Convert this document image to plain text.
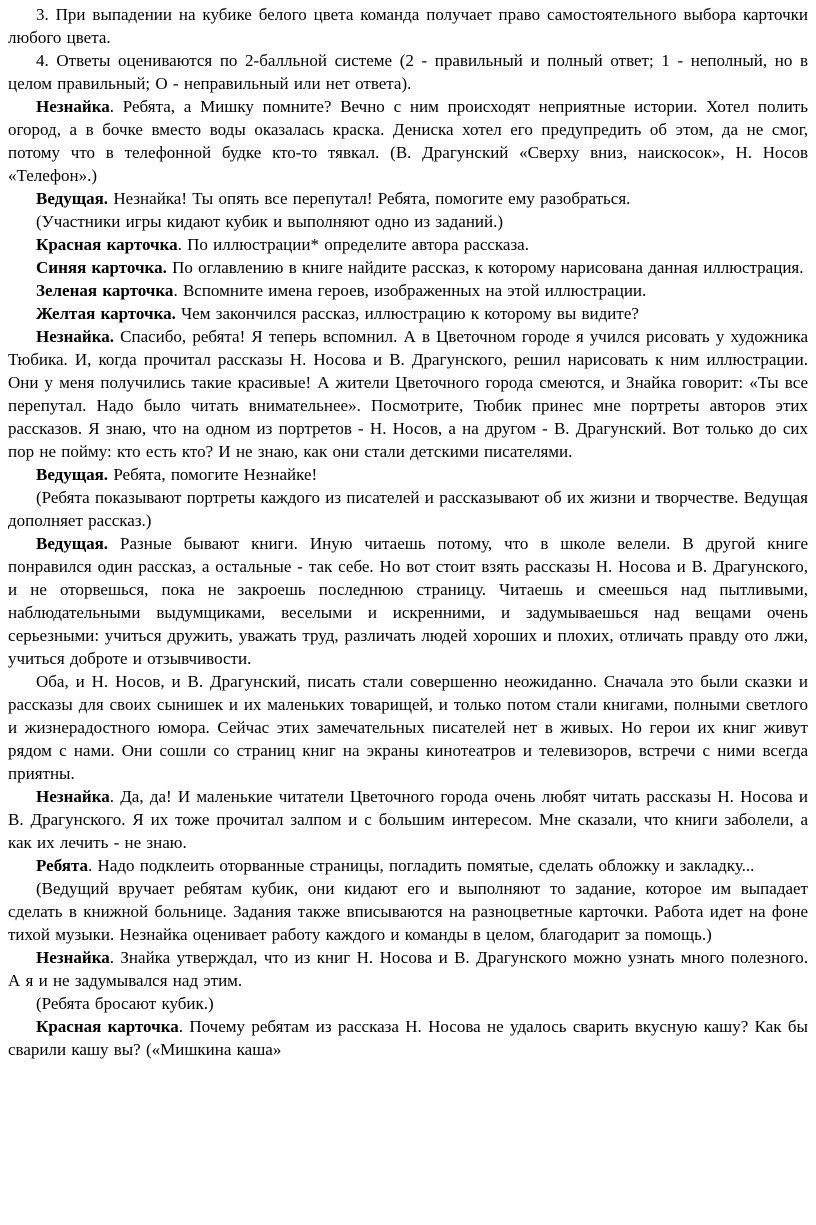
3. При выпадении на кубике белого цвета команда получает право самостоятельного выбора карточки любого цвета.

4. Ответы оцениваются по 2-балльной системе (2 - правильный и полный ответ; 1 - неполный, но в целом правильный; О - неправильный или нет ответа).

Незнайка. Ребята, а Мишку помните? Вечно с ним происходят неприятные истории. Хотел полить огород, а в бочке вместо воды оказалась краска. Дениска хотел его предупредить об этом, да не смог, потому что в телефонной будке кто-то тявкал. (В. Драгунский «Сверху вниз, наискосок», Н. Носов «Телефон».)

Ведущая. Незнайка! Ты опять все перепутал! Ребята, помогите ему разобраться.

(Участники игры кидают кубик и выполняют одно из заданий.)

Красная карточка. По иллюстрации* определите автора рассказа.

Синяя карточка. По оглавлению в книге найдите рассказ, к которому нарисована данная иллюстрация.

Зеленая карточка. Вспомните имена героев, изображенных на этой иллюстрации.

Желтая карточка. Чем закончился рассказ, иллюстрацию к которому вы видите?

Незнайка. Спасибо, ребята! Я теперь вспомнил. А в Цветочном городе я учился рисовать у художника Тюбика. И, когда прочитал рассказы Н. Носова и В. Драгунского, решил нарисовать к ним иллюстрации. Они у меня получились такие красивые! А жители Цветочного города смеются, и Знайка говорит: «Ты все перепутал. Надо было читать внимательнее». Посмотрите, Тюбик принес мне портреты авторов этих рассказов. Я знаю, что на одном из портретов - Н. Носов, а на другом - В. Драгунский. Вот только до сих пор не пойму: кто есть кто? И не знаю, как они стали детскими писателями.

Ведущая. Ребята, помогите Незнайке!

(Ребята показывают портреты каждого из писателей и рассказывают об их жизни и творчестве. Ведущая дополняет рассказ.)

Ведущая. Разные бывают книги. Иную читаешь потому, что в школе велели. В другой книге понравился один рассказ, а остальные - так себе. Но вот стоит взять рассказы Н. Носова и В. Драгунского, и не оторвешься, пока не закроешь последнюю страницу. Читаешь и смеешься над пытливыми, наблюдательными выдумщиками, веселыми и искренними, и задумываешься над вещами очень серьезными: учиться дружить, уважать труд, различать людей хороших и плохих, отличать правду ото лжи, учиться доброте и отзывчивости.

Оба, и Н. Носов, и В. Драгунский, писать стали совершенно неожиданно. Сначала это были сказки и рассказы для своих сынишек и их маленьких товарищей, и только потом стали книгами, полными светлого и жизнерадостного юмора. Сейчас этих замечательных писателей нет в живых. Но герои их книг живут рядом с нами. Они сошли со страниц книг на экраны кинотеатров и телевизоров, встречи с ними всегда приятны.

Незнайка. Да, да! И маленькие читатели Цветочного города очень любят читать рассказы Н. Носова и В. Драгунского. Я их тоже прочитал залпом и с большим интересом. Мне сказали, что книги заболели, а как их лечить - не знаю.

Ребята. Надо подклеить оторванные страницы, погладить помятые, сделать обложку и закладку...

(Ведущий вручает ребятам кубик, они кидают его и выполняют то задание, которое им выпадает сделать в книжной больнице. Задания также вписываются на разноцветные карточки. Работа идет на фоне тихой музыки. Незнайка оценивает работу каждого и команды в целом, благодарит за помощь.)

Незнайка. Знайка утверждал, что из книг Н. Носова и В. Драгунского можно узнать много полезного. А я и не задумывался над этим.

(Ребята бросают кубик.)

Красная карточка. Почему ребятам из рассказа Н. Носова не удалось сварить вкусную кашу? Как бы сварили кашу вы? («Мишкина каша»
